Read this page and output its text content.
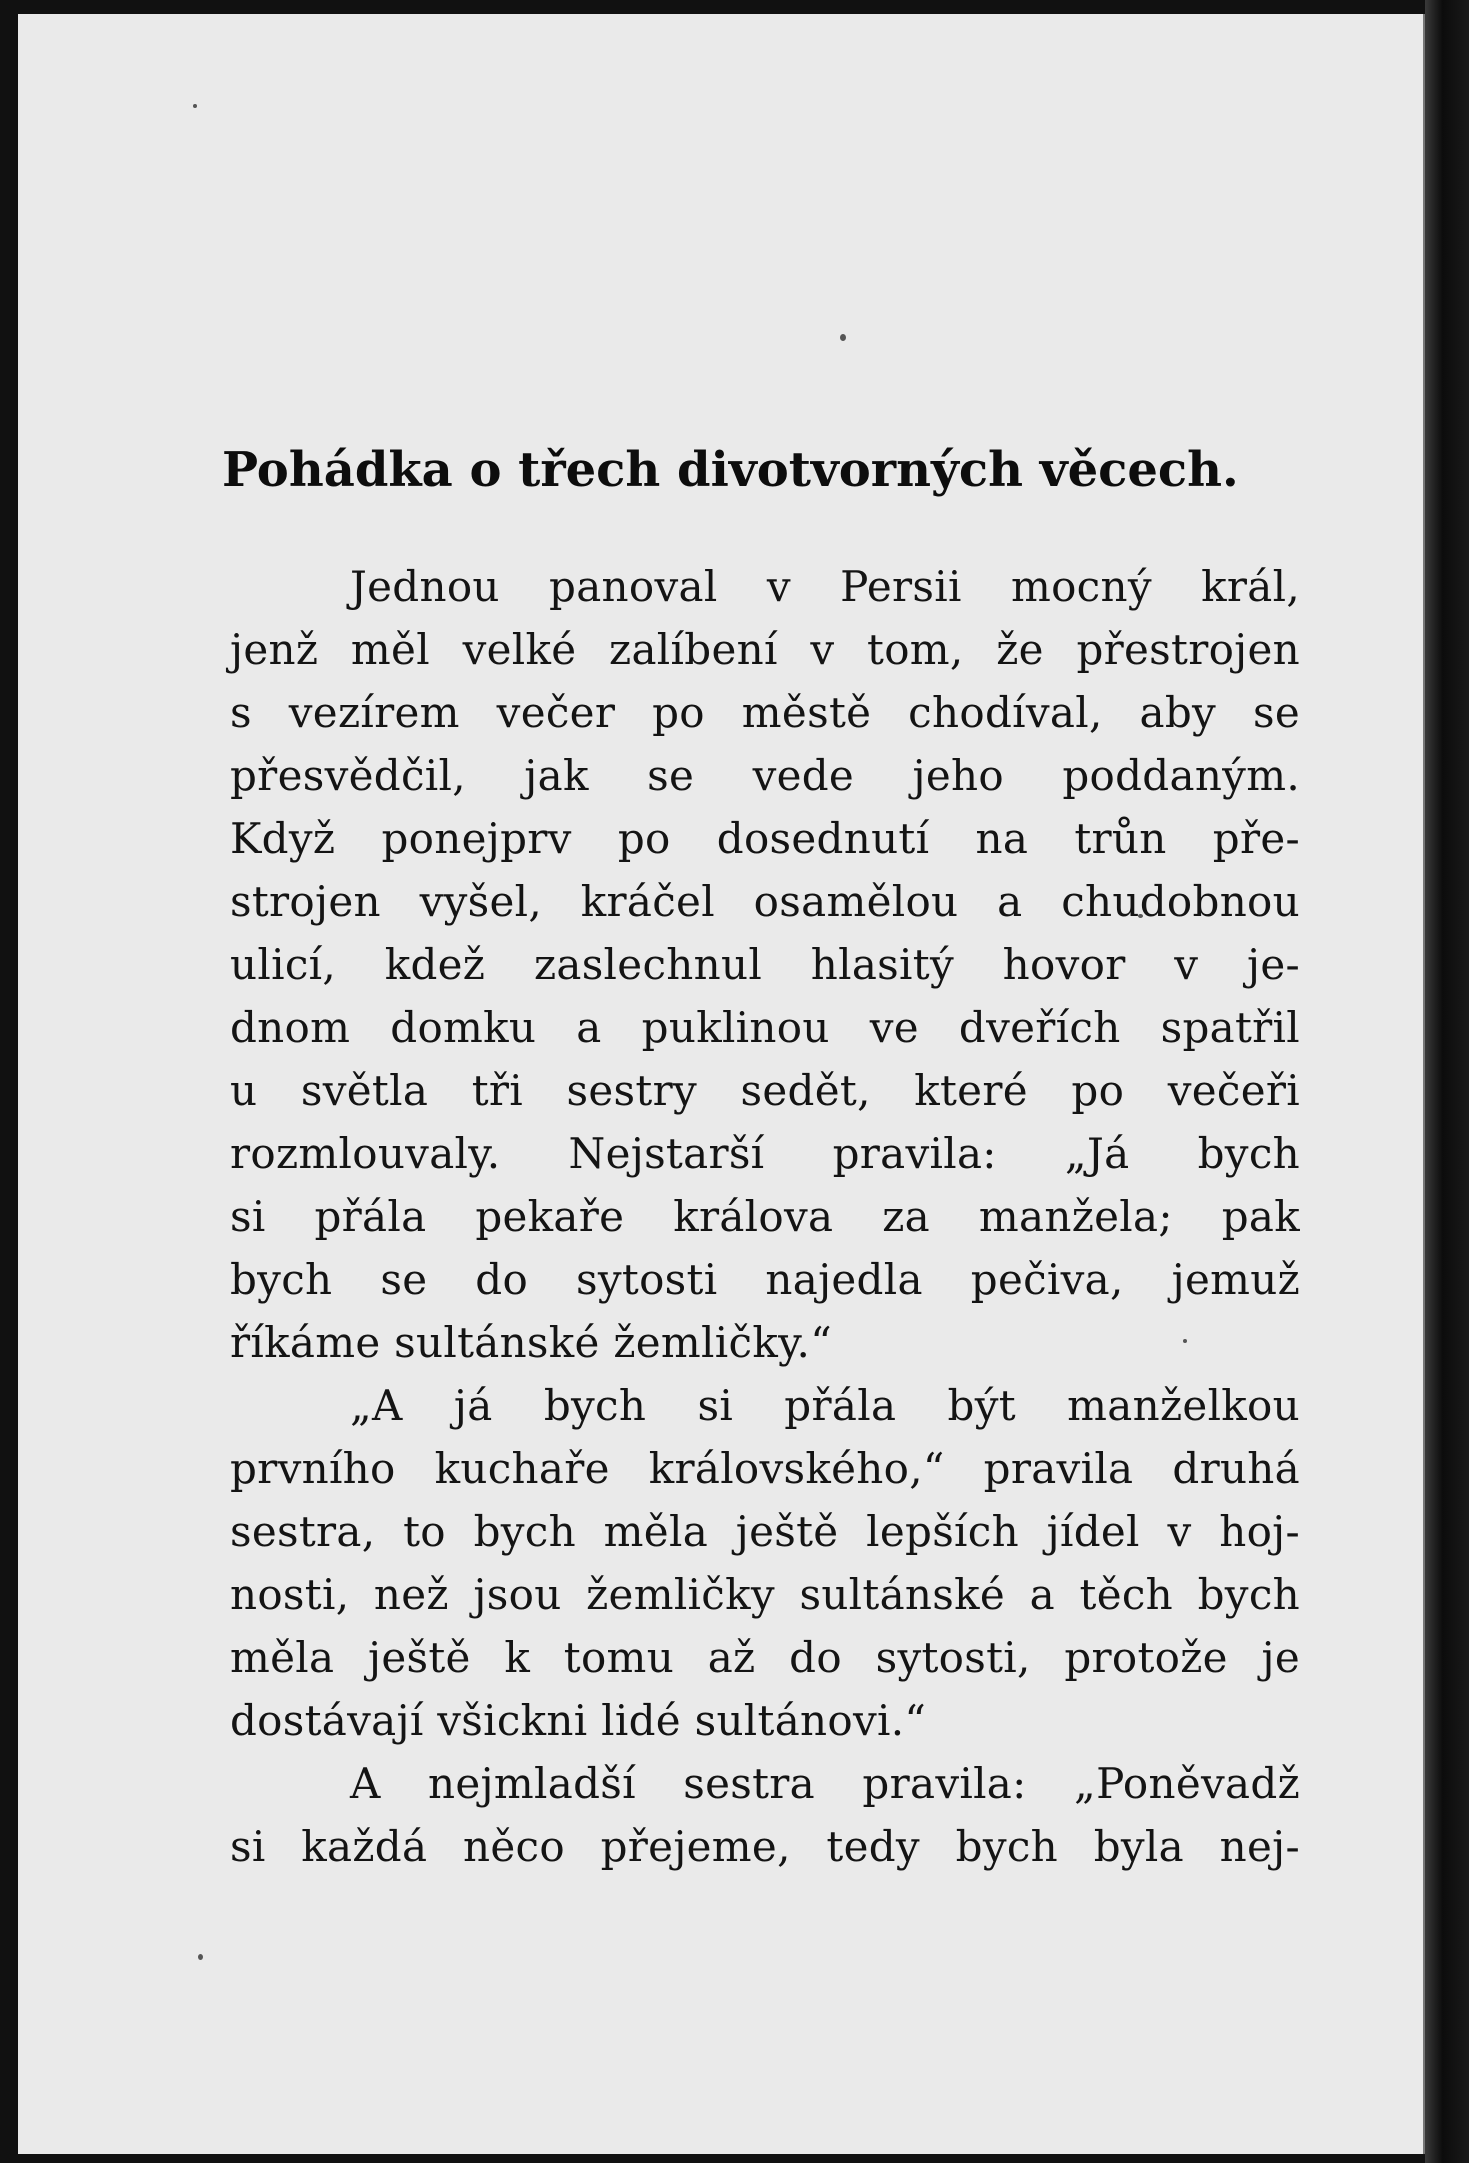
Pohádka o třech divotvorných věcech.
Jednou panoval v Persii mocný král,
jenž měl velké zalíbení v tom, že přestrojen
s vezírem večer po městě chodíval, aby se
přesvědčil, jak se vede jeho poddaným.
Když ponejprv po dosednutí na trůn pře-
strojen vyšel, kráčel osamělou a chudobnou
ulicí, kdež zaslechnul hlasitý hovor v je-
dnom domku a puklinou ve dveřích spatřil
u světla tři sestry sedět, které po večeři
rozmlouvaly. Nejstarší pravila: „Já bych
si přála pekaře králova za manžela; pak
bych se do sytosti najedla pečiva, jemuž
říkáme sultánské žemličky.“
„A já bych si přála být manželkou
prvního kuchaře královského,“ pravila druhá
sestra, to bych měla ještě lepších jídel v hoj-
nosti, než jsou žemličky sultánské a těch bych
měla ještě k tomu až do sytosti, protože je
dostávají všicknі lidé sultánovi.“
A nejmladší sestra pravila: „Poněvadž
si každá něco přejeme, tedy bych byla nej-
